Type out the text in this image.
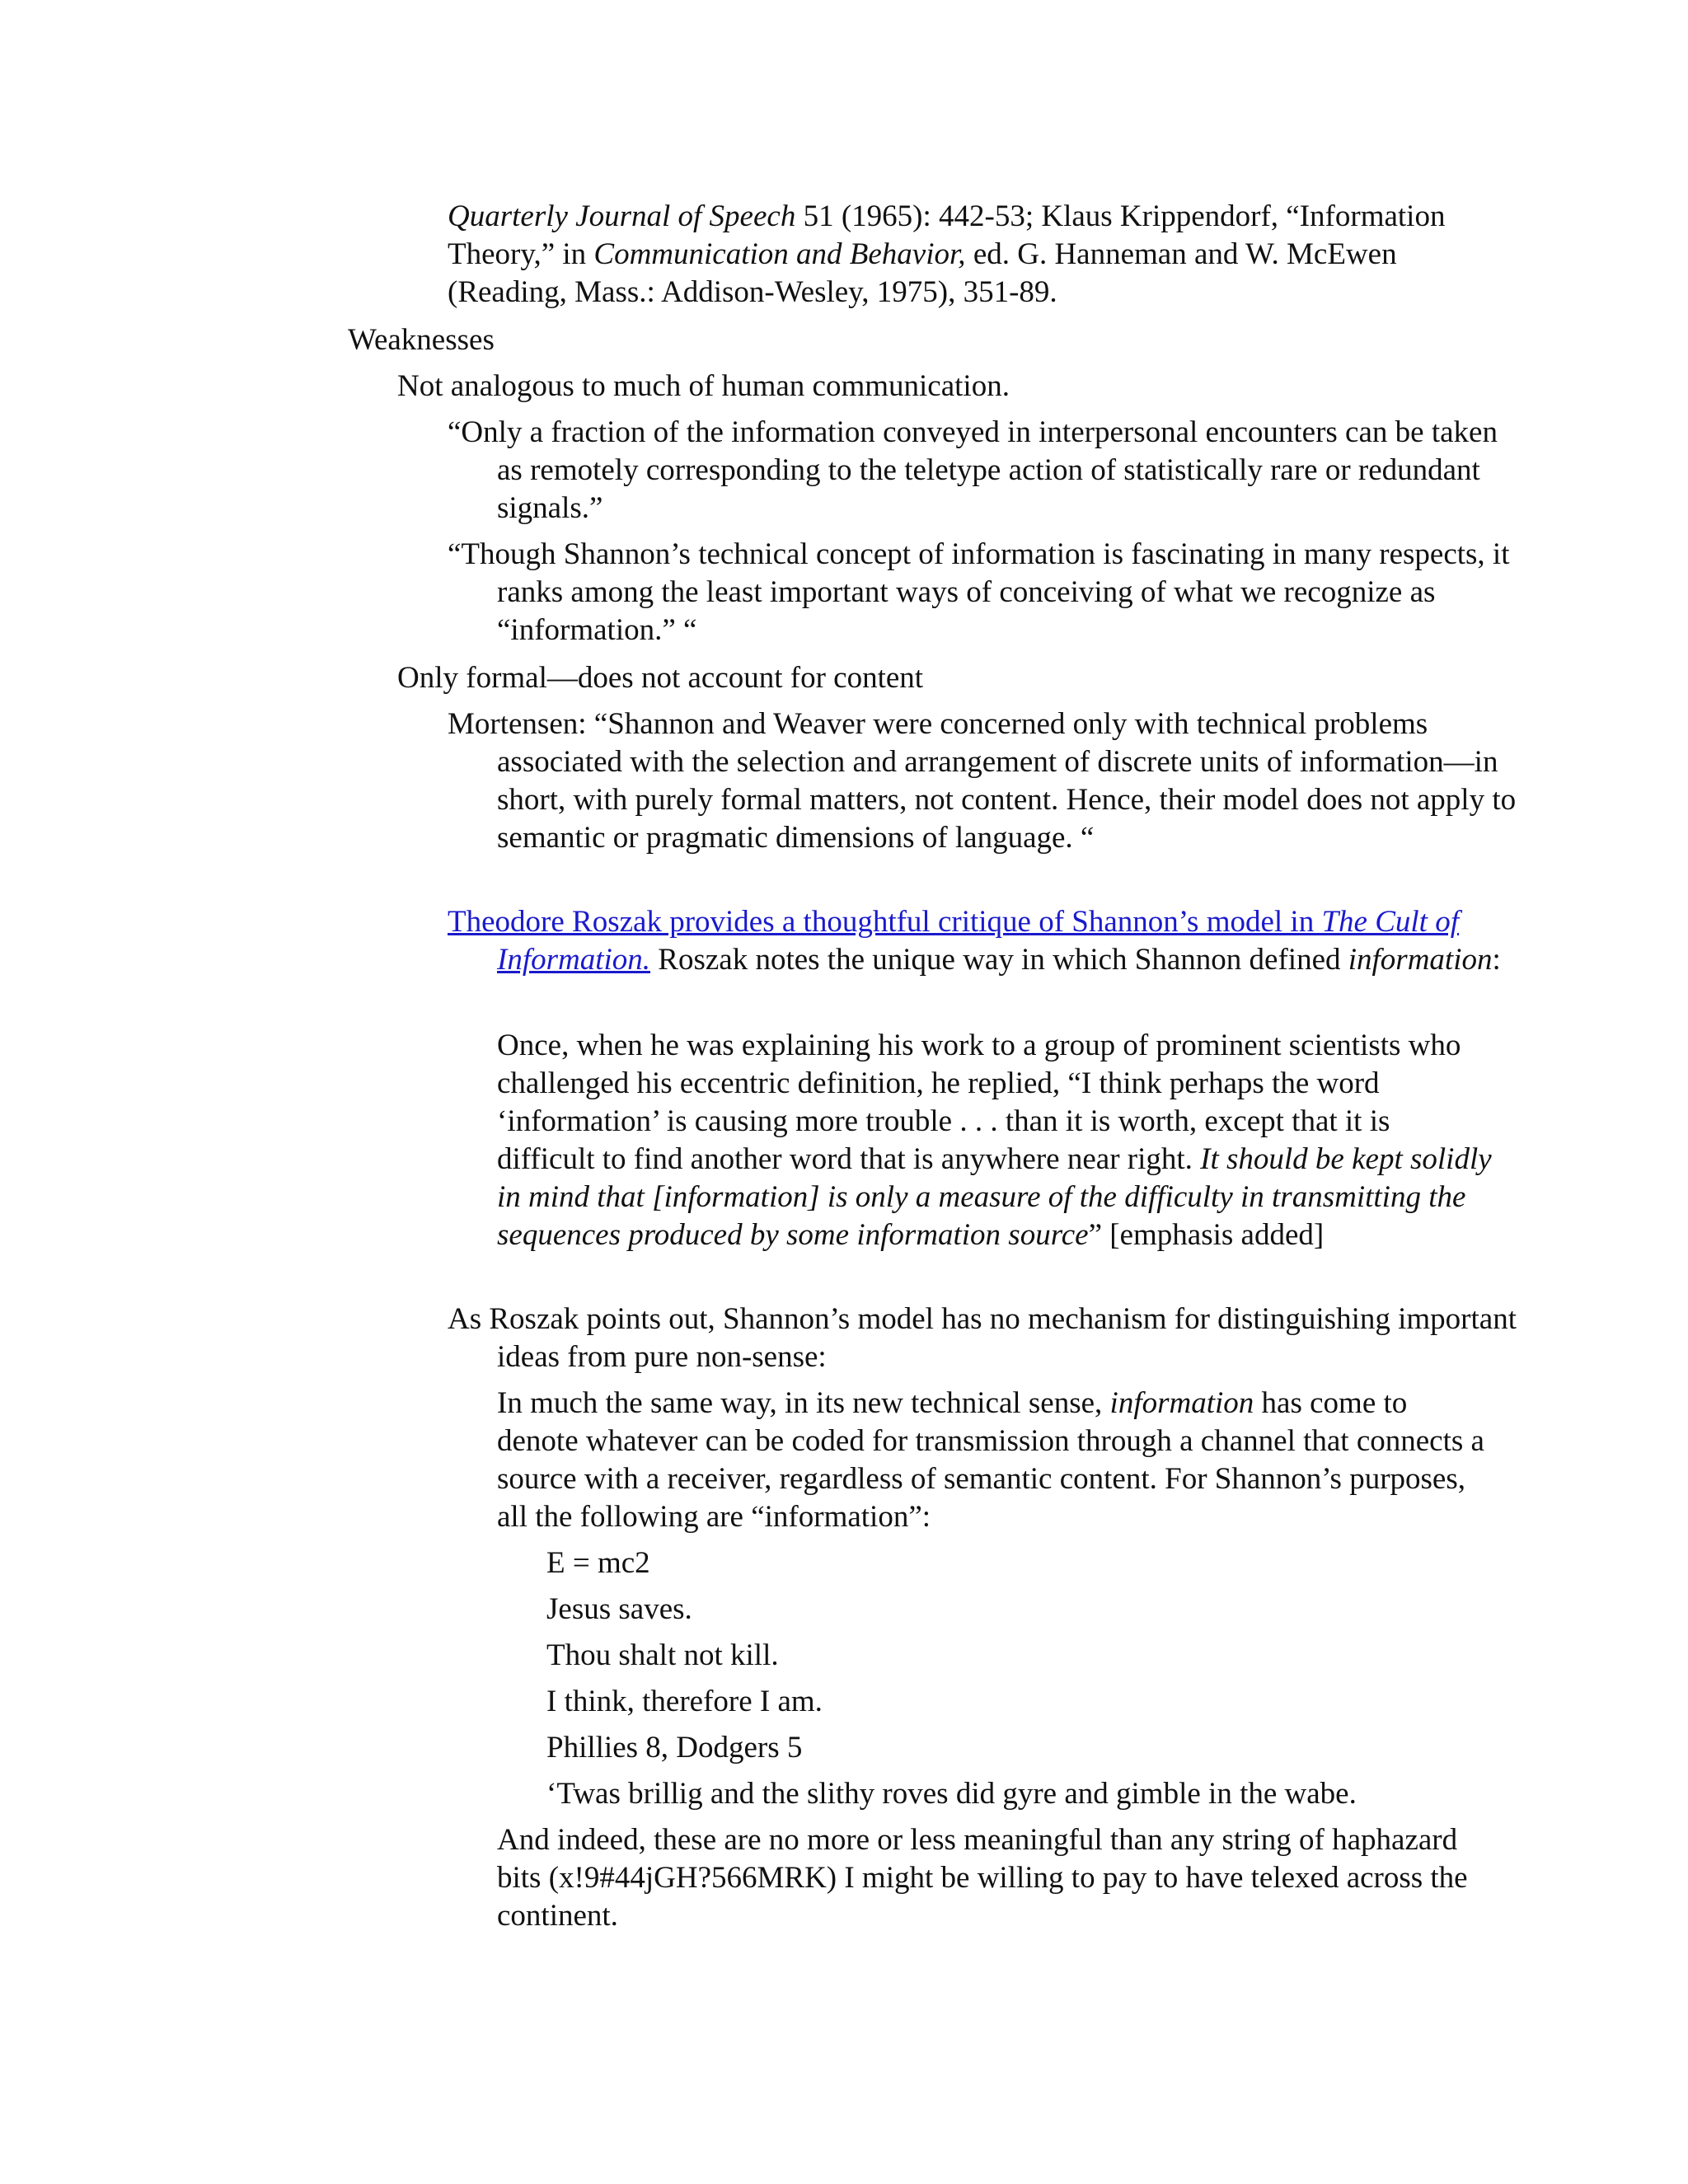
Quarterly Journal of Speech 51 (1965): 442-53; Klaus Krippendorf, “Information Theory,” in Communication and Behavior, ed. G. Hanneman and W. McEwen (Reading, Mass.: Addison-Wesley, 1975), 351-89.

Weaknesses

Not analogous to much of human communication.

“Only a fraction of the information conveyed in interpersonal encounters can be taken as remotely corresponding to the teletype action of statistically rare or redundant signals.”

“Though Shannon’s technical concept of information is fascinating in many respects, it ranks among the least important ways of conceiving of what we recognize as “information.” “

Only formal—does not account for content

Mortensen: “Shannon and Weaver were concerned only with technical problems associated with the selection and arrangement of discrete units of information—in short, with purely formal matters, not content. Hence, their model does not apply to semantic or pragmatic dimensions of language. “

Theodore Roszak provides a thoughtful critique of Shannon’s model in The Cult of Information. Roszak notes the unique way in which Shannon defined information:

Once, when he was explaining his work to a group of prominent scientists who challenged his eccentric definition, he replied, “I think perhaps the word ‘information’ is causing more trouble . . . than it is worth, except that it is difficult to find another word that is anywhere near right. It should be kept solidly in mind that [information] is only a measure of the difficulty in transmitting the sequences produced by some information source” [emphasis added]

As Roszak points out, Shannon’s model has no mechanism for distinguishing important ideas from pure non-sense:

In much the same way, in its new technical sense, information has come to denote whatever can be coded for transmission through a channel that connects a source with a receiver, regardless of semantic content. For Shannon’s purposes, all the following are “information”:

E = mc2

Jesus saves.

Thou shalt not kill.

I think, therefore I am.

Phillies 8, Dodgers 5

‘Twas brillig and the slithy roves did gyre and gimble in the wabe.

And indeed, these are no more or less meaningful than any string of haphazard bits (x!9#44jGH?566MRK) I might be willing to pay to have telexed across the continent.
